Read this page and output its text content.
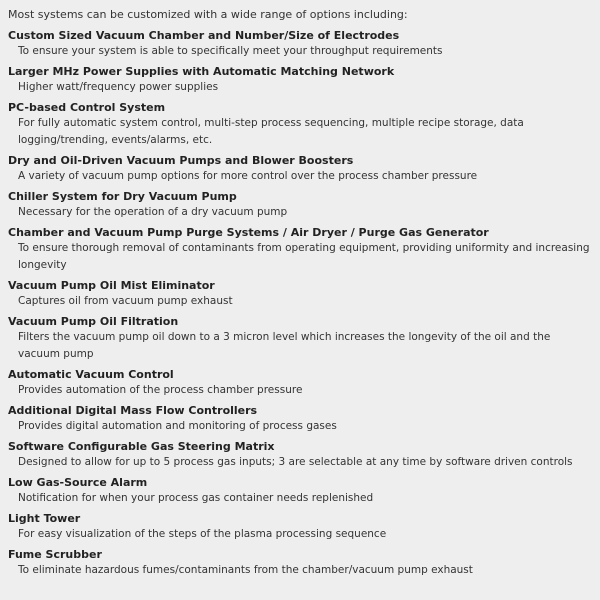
Most systems can be customized with a wide range of options including:

Custom Sized Vacuum Chamber and Number/Size of Electrodes

To ensure your system is able to specifically meet your throughput requirements

Larger MHz Power Supplies with Automatic Matching Network

Higher watt/frequency power supplies

PC-based Control System

For fully automatic system control, multi-step process sequencing, multiple recipe storage, data logging/trending, events/alarms, etc.

Dry and Oil-Driven Vacuum Pumps and Blower Boosters

A variety of vacuum pump options for more control over the process chamber pressure

Chiller System for Dry Vacuum Pump

Necessary for the operation of a dry vacuum pump

Chamber and Vacuum Pump Purge Systems / Air Dryer / Purge Gas Generator

To ensure thorough removal of contaminants from operating equipment, providing uniformity and increasing longevity

Vacuum Pump Oil Mist Eliminator

Captures oil from vacuum pump exhaust

Vacuum Pump Oil Filtration

Filters the vacuum pump oil down to a 3 micron level which increases the longevity of the oil and the vacuum pump

Automatic Vacuum Control

Provides automation of the process chamber pressure

Additional Digital Mass Flow Controllers

Provides digital automation and monitoring of process gases

Software Configurable Gas Steering Matrix

Designed to allow for up to 5 process gas inputs; 3 are selectable at any time by software driven controls

Low Gas-Source Alarm

Notification for when your process gas container needs replenished

Light Tower

For easy visualization of the steps of the plasma processing sequence

Fume Scrubber

To eliminate hazardous fumes/contaminants from the chamber/vacuum pump exhaust
